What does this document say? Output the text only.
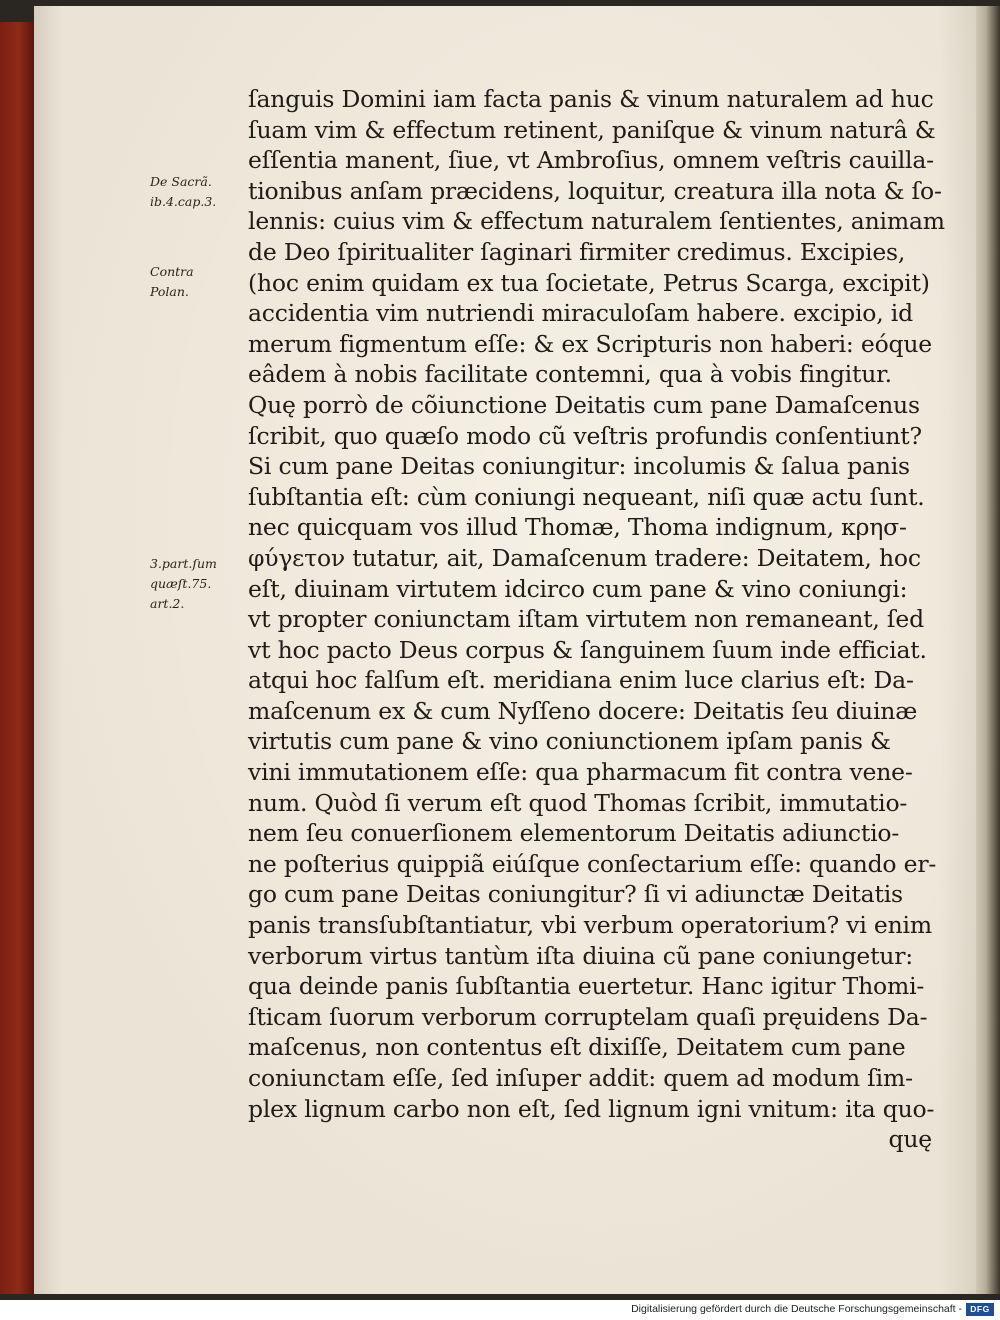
De Sacrã.
ib.4.cap.3.
Contra
Polan.
3.part.ſum
quæſt.75.
art.2.
ſanguis Domini iam facta panis & vinum naturalem ad huc
ſuam vim & effectum retinent, paniſque & vinum naturâ &
eſſentia manent, ſiue, vt Ambroſius, omnem veſtris cauilla-
tionibus anſam præcidens, loquitur, creatura illa nota & ſo-
lennis: cuius vim & effectum naturalem ſentientes, animam
de Deo ſpiritualiter ſaginari firmiter credimus. Excipies,
(hoc enim quidam ex tua ſocietate, Petrus Scarga, excipit)
accidentia vim nutriendi miraculoſam habere. excipio, id
merum figmentum eſſe: & ex Scripturis non haberi: eóque
eâdem à nobis facilitate contemni, qua à vobis fingitur.
Quę porrò de cõiunctione Deitatis cum pane Damaſcenus
ſcribit, quo quæſo modo cũ veſtris profundis conſentiunt?
Si cum pane Deitas coniungitur: incolumis & ſalua panis
ſubſtantia eſt: cùm coniungi nequeant, niſi quæ actu ſunt.
nec quicquam vos illud Thomæ, Thoma indignum, κρησ-
φύγετον tutatur, ait, Damaſcenum tradere: Deitatem, hoc
eſt, diuinam virtutem idcirco cum pane & vino coniungi:
vt propter coniunctam iſtam virtutem non remaneant, ſed
vt hoc pacto Deus corpus & ſanguinem ſuum inde efficiat.
atqui hoc falſum eſt. meridiana enim luce clarius eſt: Da-
maſcenum ex & cum Nyſſeno docere: Deitatis ſeu diuinæ
virtutis cum pane & vino coniunctionem ipſam panis &
vini immutationem eſſe: qua pharmacum fit contra vene-
num. Quòd ſi verum eſt quod Thomas ſcribit, immutatio-
nem ſeu conuerſionem elementorum Deitatis adiunctio-
ne poſterius quippiã eiúſque conſectarium eſſe: quando er-
go cum pane Deitas coniungitur? ſi vi adiunctæ Deitatis
panis transſubſtantiatur, vbi verbum operatorium? vi enim
verborum virtus tantùm iſta diuina cũ pane coniungetur:
qua deinde panis ſubſtantia euertetur. Hanc igitur Thomi-
ſticam ſuorum verborum corruptelam quaſi pręuidens Da-
maſcenus, non contentus eſt dixiſſe, Deitatem cum pane
coniunctam eſſe, ſed inſuper addit: quem ad modum ſim-
plex lignum carbo non eſt, ſed lignum igni vnitum: ita quo-
quę
Digitalisierung gefördert durch die Deutsche Forschungsgemeinschaft - DFG
